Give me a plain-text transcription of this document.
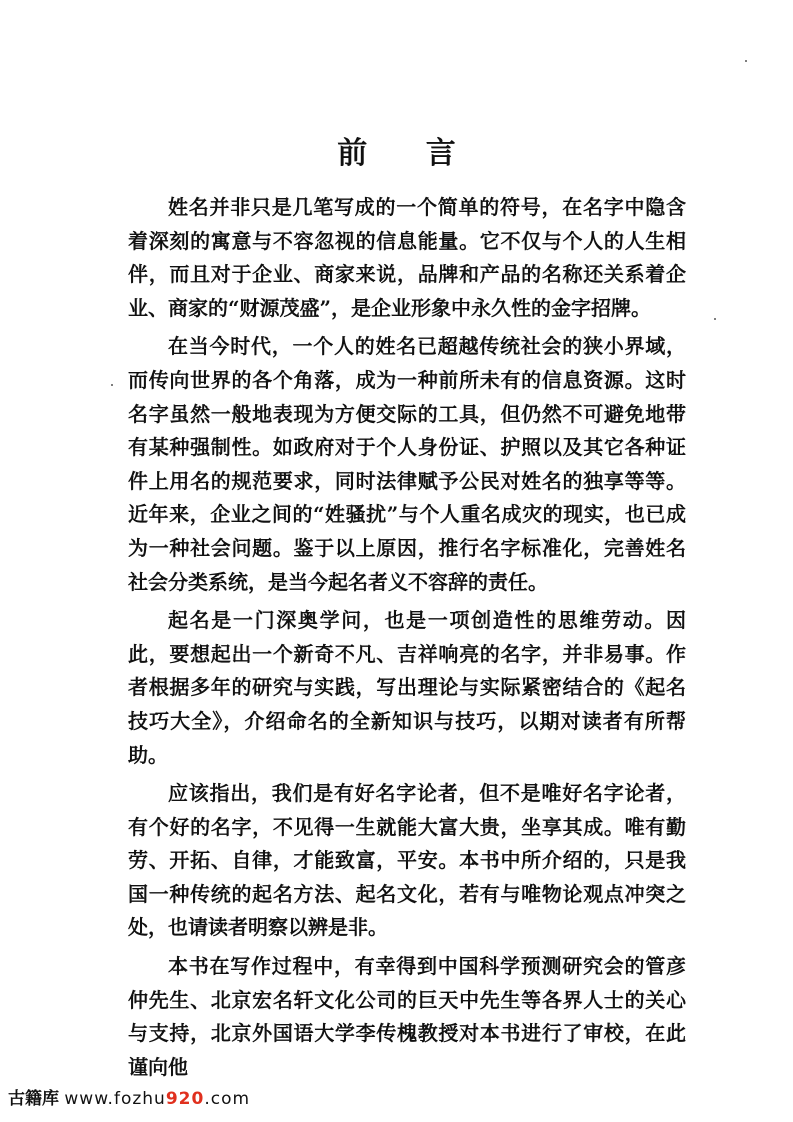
前 言

姓名并非只是几笔写成的一个简单的符号，在名字中隐含着深刻的寓意与不容忽视的信息能量。它不仅与个人的人生相伴，而且对于企业、商家来说，品牌和产品的名称还关系着企业、商家的“财源茂盛”，是企业形象中永久性的金字招牌。

在当今时代，一个人的姓名已超越传统社会的狭小界域，而传向世界的各个角落，成为一种前所未有的信息资源。这时名字虽然一般地表现为方便交际的工具，但仍然不可避免地带有某种强制性。如政府对于个人身份证、护照以及其它各种证件上用名的规范要求，同时法律赋予公民对姓名的独享等等。近年来，企业之间的“姓骚扰”与个人重名成灾的现实，也已成为一种社会问题。鉴于以上原因，推行名字标准化，完善姓名社会分类系统，是当今起名者义不容辞的责任。

起名是一门深奥学问，也是一项创造性的思维劳动。因此，要想起出一个新奇不凡、吉祥响亮的名字，并非易事。作者根据多年的研究与实践，写出理论与实际紧密结合的《起名技巧大全》，介绍命名的全新知识与技巧，以期对读者有所帮助。

应该指出，我们是有好名字论者，但不是唯好名字论者，有个好的名字，不见得一生就能大富大贵，坐享其成。唯有勤劳、开拓、自律，才能致富，平安。本书中所介绍的，只是我国一种传统的起名方法、起名文化，若有与唯物论观点冲突之处，也请读者明察以辨是非。

本书在写作过程中，有幸得到中国科学预测研究会的管彦仲先生、北京宏名轩文化公司的巨天中先生等各界人士的关心与支持，北京外国语大学李传槐教授对本书进行了审校，在此谨向他

古籍库 www.fozhu920.com
